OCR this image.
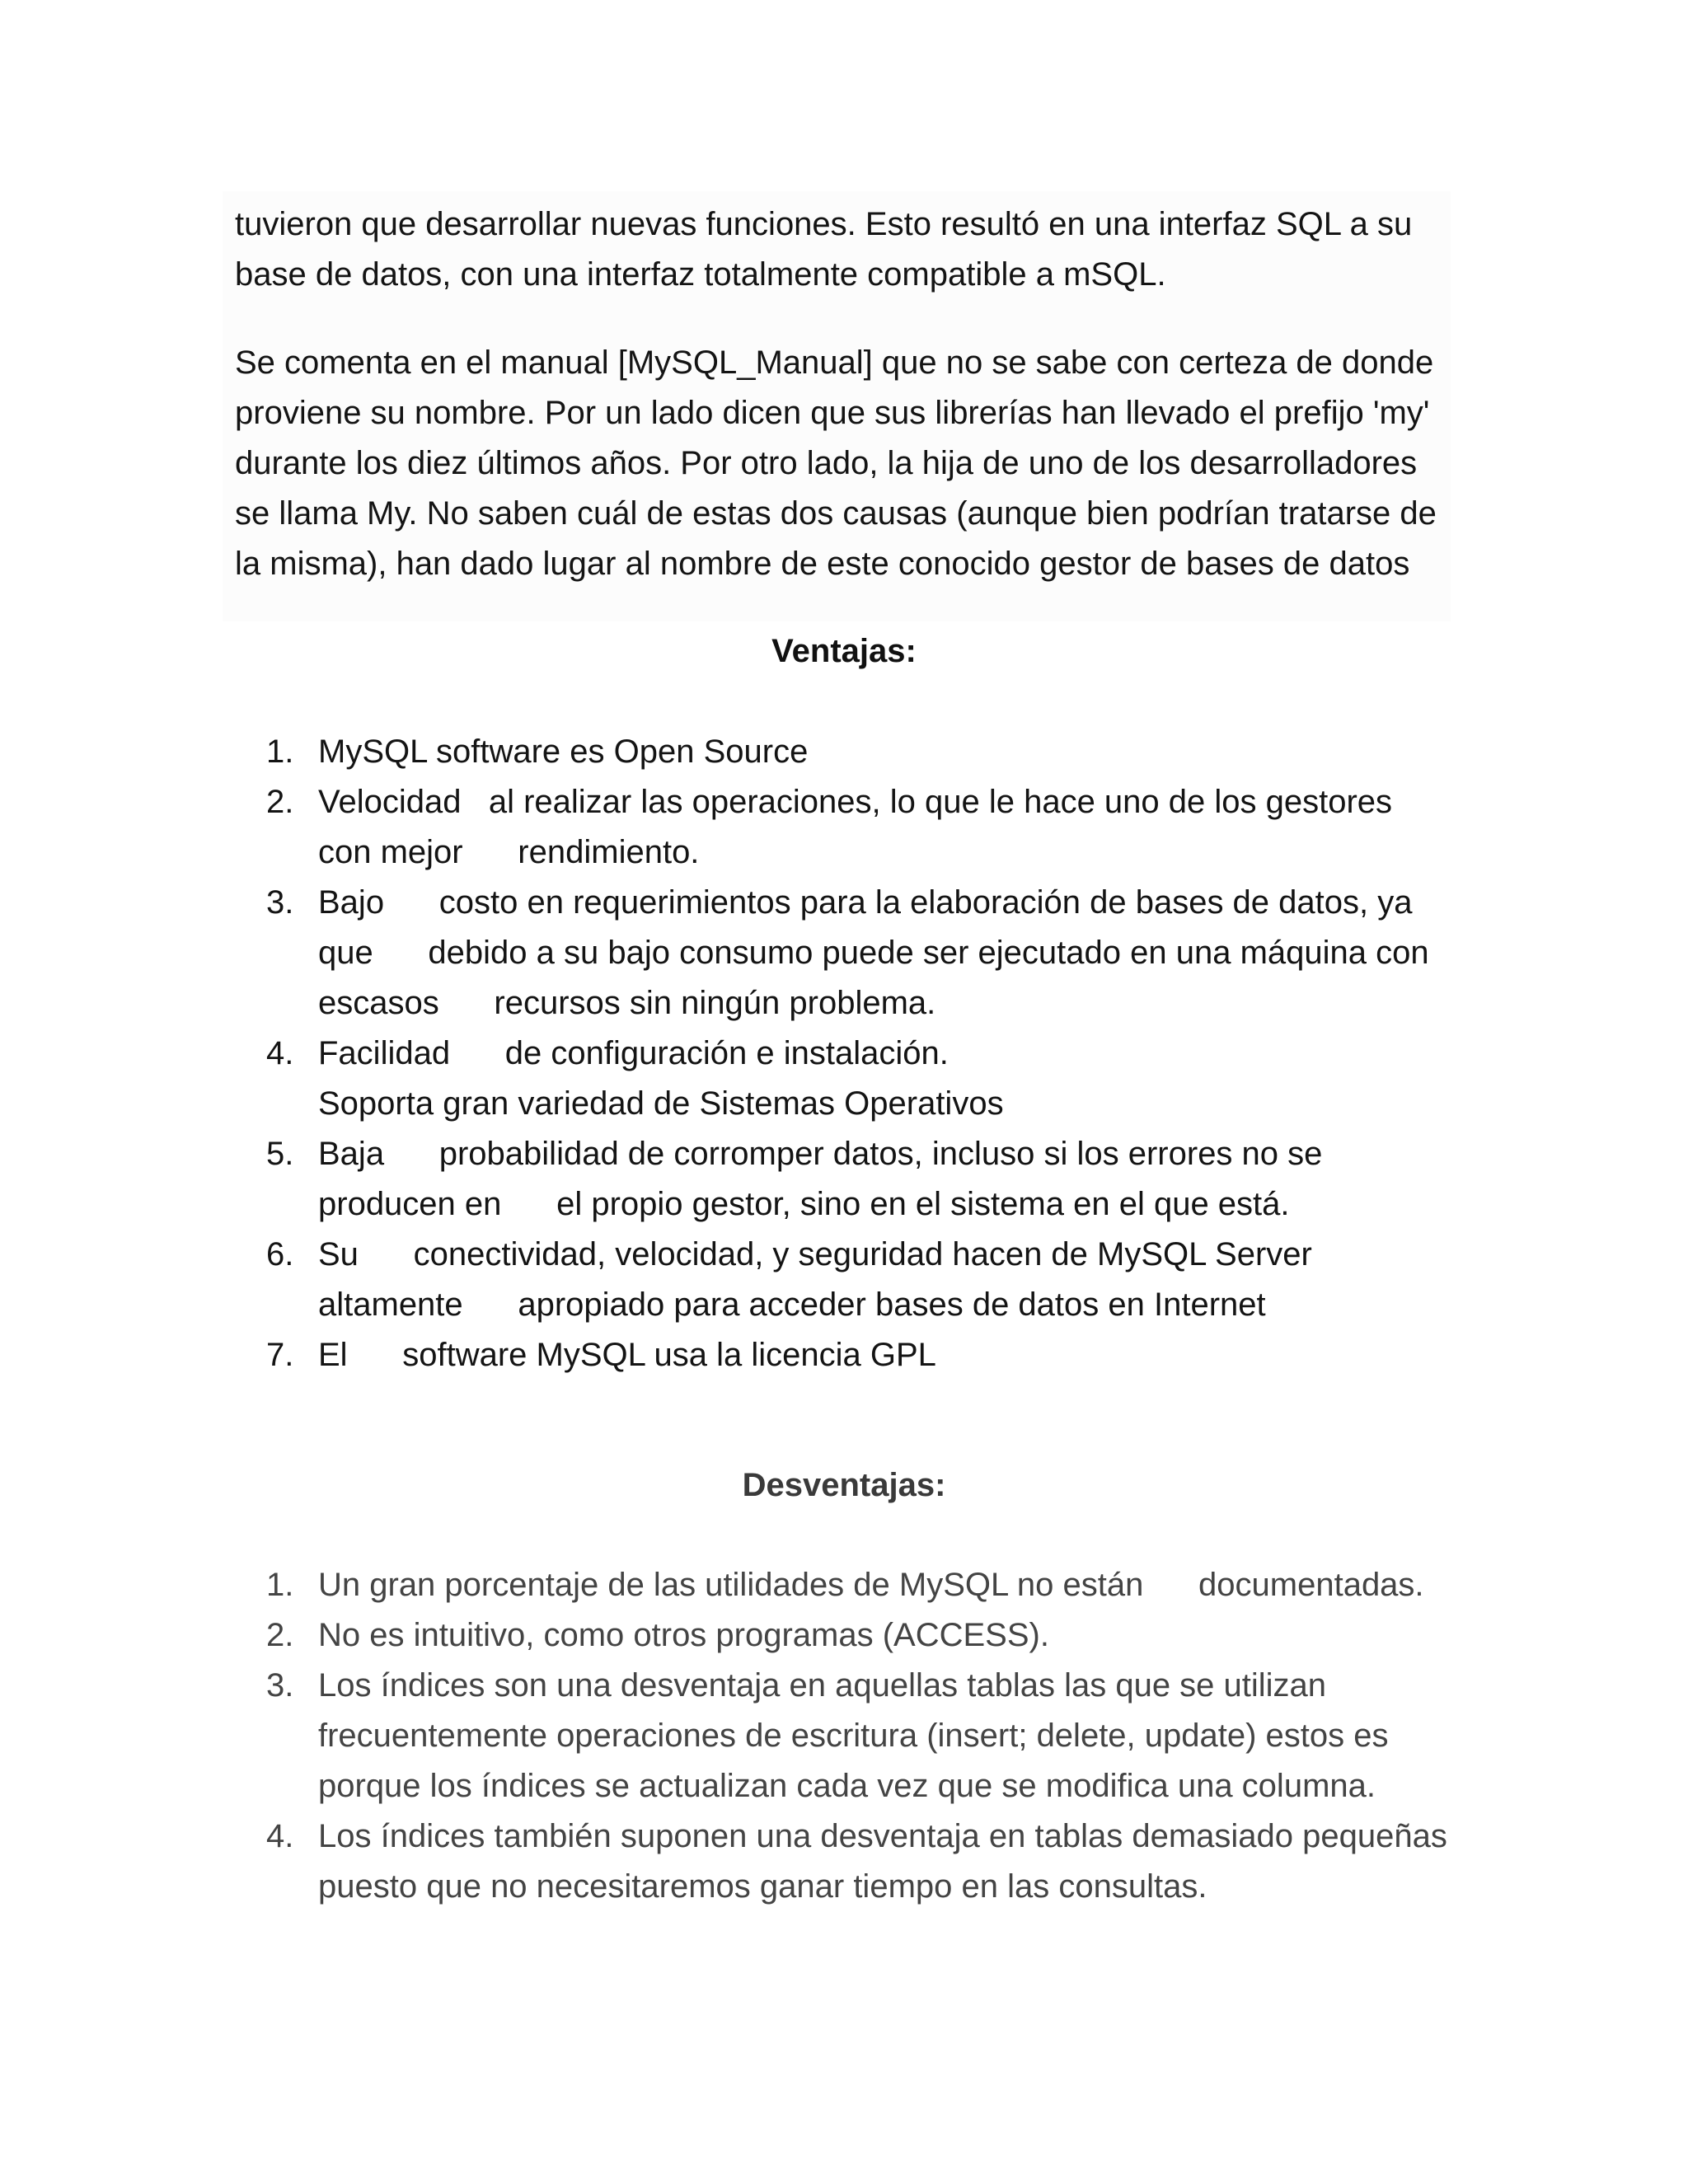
tuvieron que desarrollar nuevas funciones. Esto resultó en una interfaz SQL a su
base de datos, con una interfaz totalmente compatible a mSQL.

Se comenta en el manual [MySQL_Manual] que no se sabe con certeza de donde
proviene su nombre. Por un lado dicen que sus librerías han llevado el prefijo 'my'
durante los diez últimos años. Por otro lado, la hija de uno de los desarrolladores
se llama My. No saben cuál de estas dos causas (aunque bien podrían tratarse de
la misma), han dado lugar al nombre de este conocido gestor de bases de datos

Ventajas:
1. MySQL software es Open Source
2. Velocidad   al realizar las operaciones, lo que le hace uno de los gestores
con mejor      rendimiento.
3. Bajo      costo en requerimientos para la elaboración de bases de datos, ya
que      debido a su bajo consumo puede ser ejecutado en una máquina con
escasos      recursos sin ningún problema.
4. Facilidad      de configuración e instalación.
Soporta gran variedad de Sistemas Operativos
5. Baja      probabilidad de corromper datos, incluso si los errores no se
producen en      el propio gestor, sino en el sistema en el que está.
6. Su      conectividad, velocidad, y seguridad hacen de MySQL Server
altamente      apropiado para acceder bases de datos en Internet
7. El      software MySQL usa la licencia GPL
Desventajas:
1. Un gran porcentaje de las utilidades de MySQL no están      documentadas.
2. No es intuitivo, como otros programas (ACCESS).
3. Los índices son una desventaja en aquellas tablas las que se utilizan
frecuentemente operaciones de escritura (insert; delete, update) estos es
porque los índices se actualizan cada vez que se modifica una columna.
4. Los índices también suponen una desventaja en tablas demasiado pequeñas
puesto que no necesitaremos ganar tiempo en las consultas.
